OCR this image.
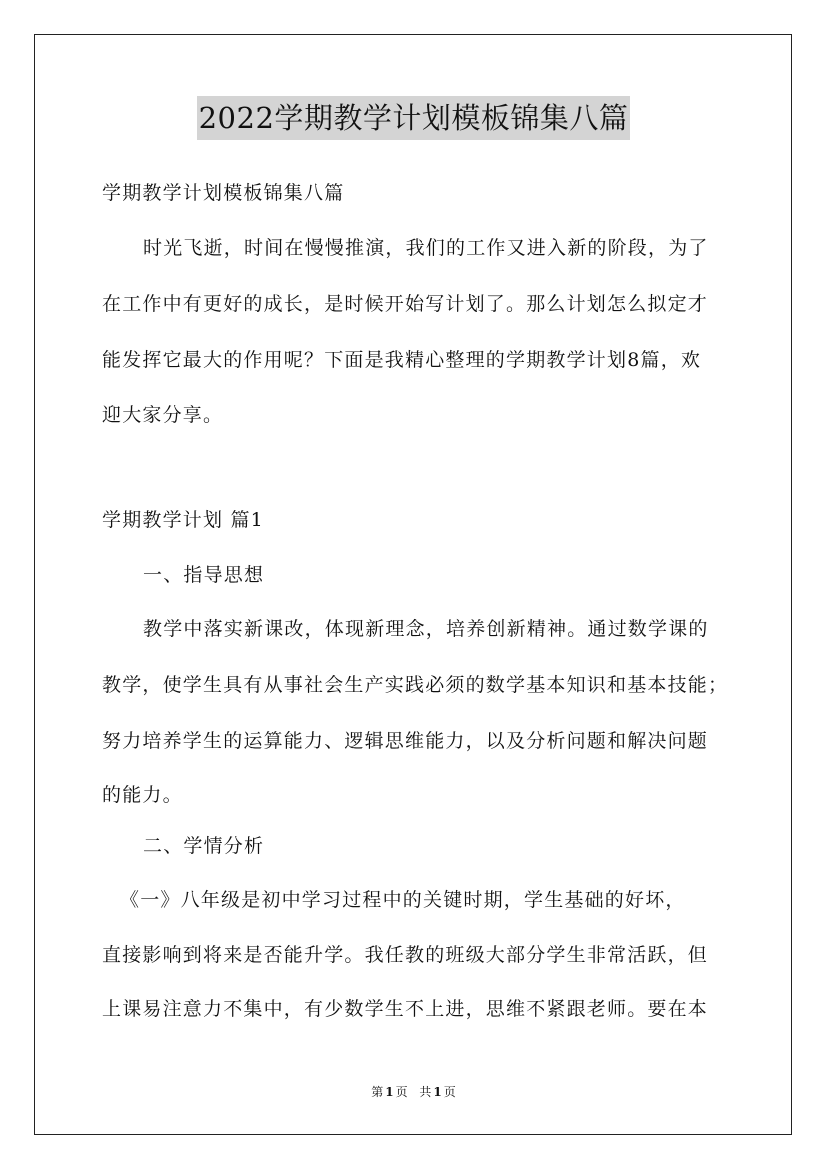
2022学期教学计划模板锦集八篇
学期教学计划模板锦集八篇
时光飞逝，时间在慢慢推演，我们的工作又进入新的阶段，为了
在工作中有更好的成长，是时候开始写计划了。那么计划怎么拟定才
能发挥它最大的作用呢？下面是我精心整理的学期教学计划8篇，欢
迎大家分享。
学期教学计划 篇1
一、指导思想
教学中落实新课改，体现新理念，培养创新精神。通过数学课的
教学，使学生具有从事社会生产实践必须的数学基本知识和基本技能；
努力培养学生的运算能力、逻辑思维能力，以及分析问题和解决问题
的能力。
二、学情分析
《一》八年级是初中学习过程中的关键时期，学生基础的好坏，
直接影响到将来是否能升学。我任教的班级大部分学生非常活跃，但
上课易注意力不集中，有少数学生不上进，思维不紧跟老师。要在本
第 1 页 共 1 页
